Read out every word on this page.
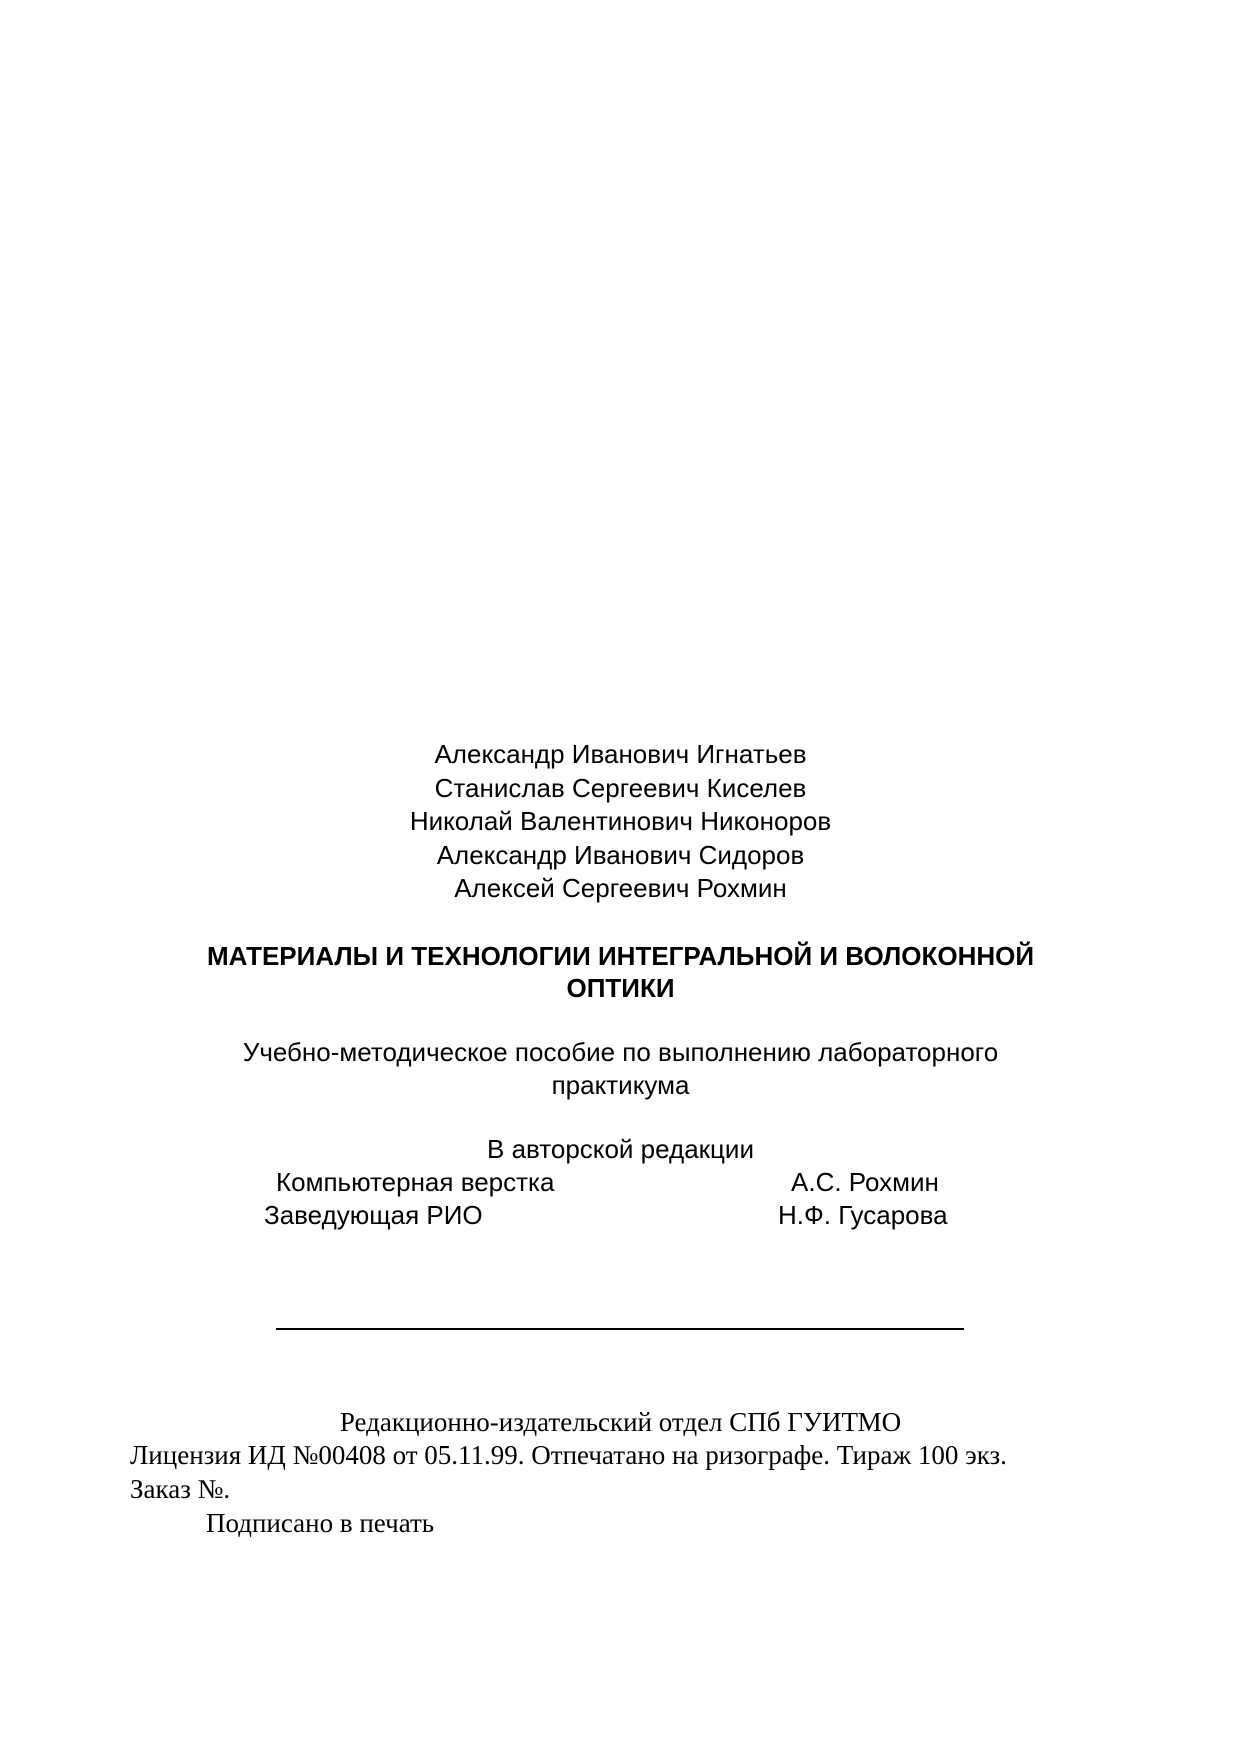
Александр Иванович Игнатьев
Станислав Сергеевич Киселев
Николай Валентинович Никоноров
Александр Иванович Сидоров
Алексей Сергеевич Рохмин
МАТЕРИАЛЫ И ТЕХНОЛОГИИ ИНТЕГРАЛЬНОЙ И ВОЛОКОННОЙ
ОПТИКИ
Учебно-методическое пособие по выполнению лабораторного
практикума
В авторской редакции
Компьютерная верстка	А.С. Рохмин
Заведующая РИО	Н.Ф. Гусарова
Редакционно-издательский отдел СПб ГУИТМО
Лицензия ИД №00408 от 05.11.99. Отпечатано на ризографе. Тираж 100 экз.
Заказ №.
Подписано в печать
